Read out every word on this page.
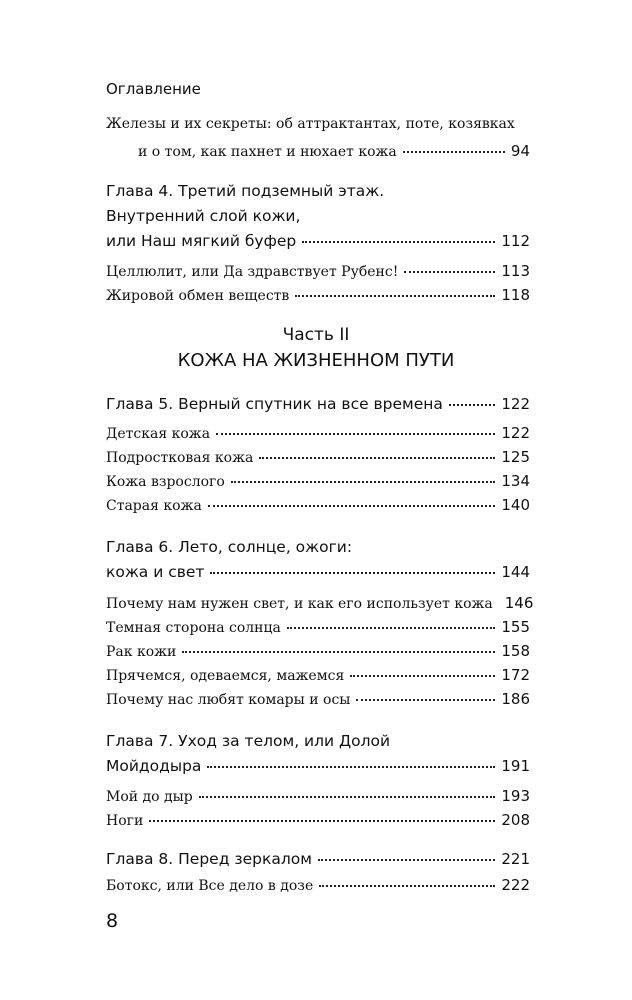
Оглавление
Железы и их секреты: об аттрактантах, поте, козявках
и о том, как пахнет и нюхает кожа	94
Глава 4. Третий подземный этаж.
Внутренний слой кожи,
или Наш мягкий буфер	112
Целлюлит, или Да здравствует Рубенс!	113
Жировой обмен веществ	118
Часть II
КОЖА НА ЖИЗНЕННОМ ПУТИ
Глава 5. Верный спутник на все времена	122
Детская кожа	122
Подростковая кожа	125
Кожа взрослого	134
Старая кожа	140
Глава 6. Лето, солнце, ожоги:
кожа и свет	144
Почему нам нужен свет, и как его использует кожа 146
Темная сторона солнца	155
Рак кожи	158
Прячемся, одеваемся, мажемся	172
Почему нас любят комары и осы	186
Глава 7. Уход за телом, или Долой
Мойдодыра	191
Мой до дыр	193
Ноги	208
Глава 8. Перед зеркалом	221
Ботокс, или Все дело в дозе	222
8
